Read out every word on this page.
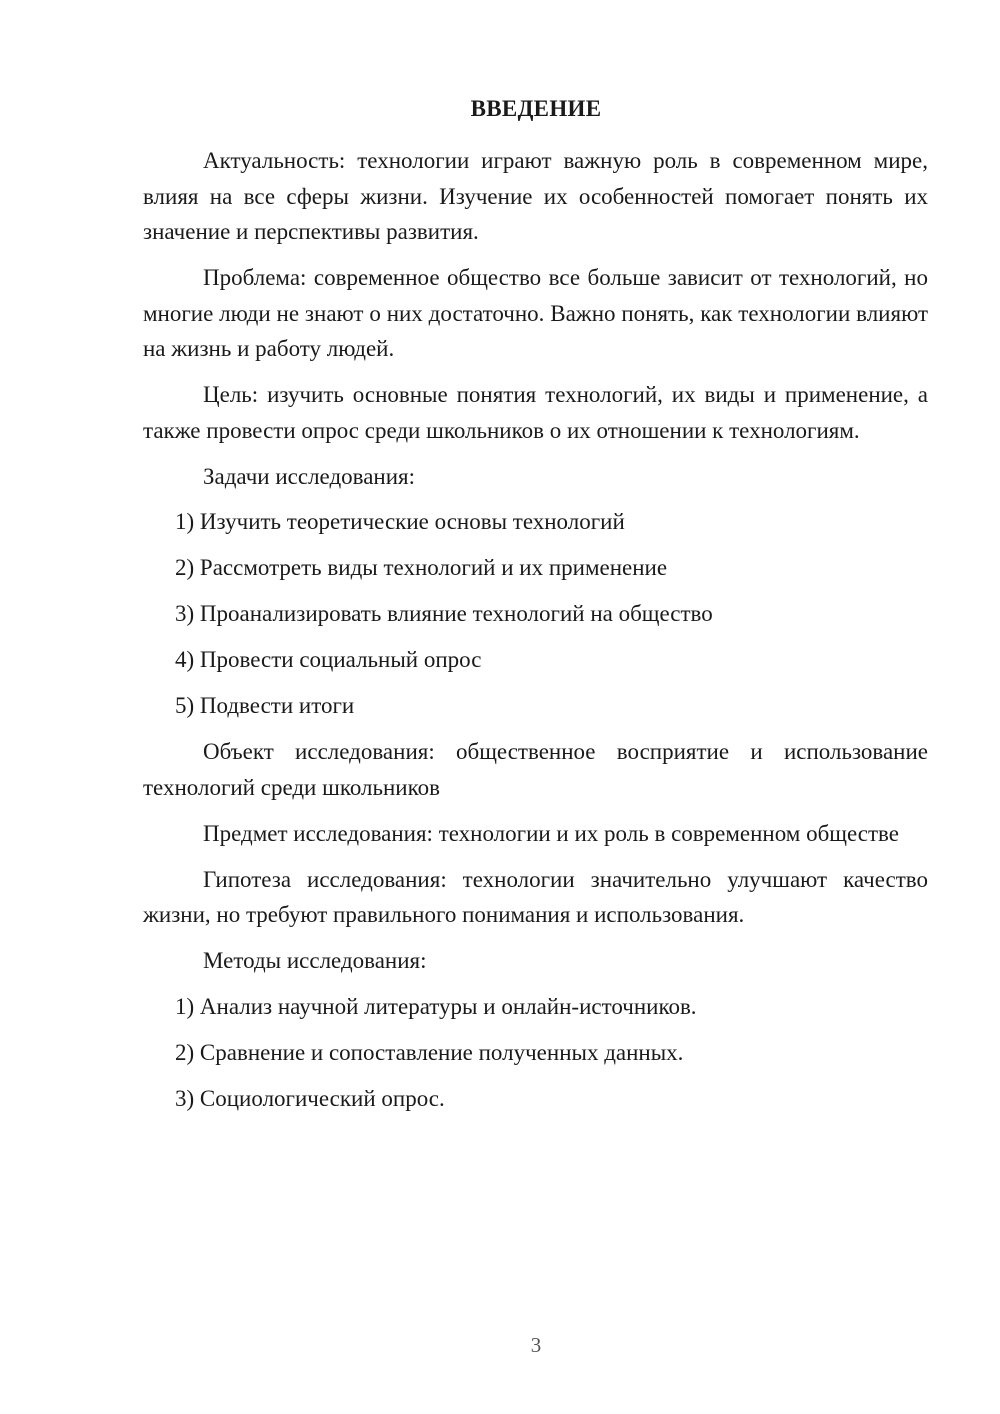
ВВЕДЕНИЕ

Актуальность: технологии играют важную роль в современном мире, влияя на все сферы жизни. Изучение их особенностей помогает понять их значение и перспективы развития.

Проблема: современное общество все больше зависит от технологий, но многие люди не знают о них достаточно. Важно понять, как технологии влияют на жизнь и работу людей.

Цель: изучить основные понятия технологий, их виды и применение, а также провести опрос среди школьников о их отношении к технологиям.

Задачи исследования:

1) Изучить теоретические основы технологий
2) Рассмотреть виды технологий и их применение
3) Проанализировать влияние технологий на общество
4) Провести социальный опрос
5) Подвести итоги

Объект исследования: общественное восприятие и использование технологий среди школьников

Предмет исследования: технологии и их роль в современном обществе

Гипотеза исследования: технологии значительно улучшают качество жизни, но требуют правильного понимания и использования.

Методы исследования:

1) Анализ научной литературы и онлайн-источников.
2) Сравнение и сопоставление полученных данных.
3) Социологический опрос.
3
